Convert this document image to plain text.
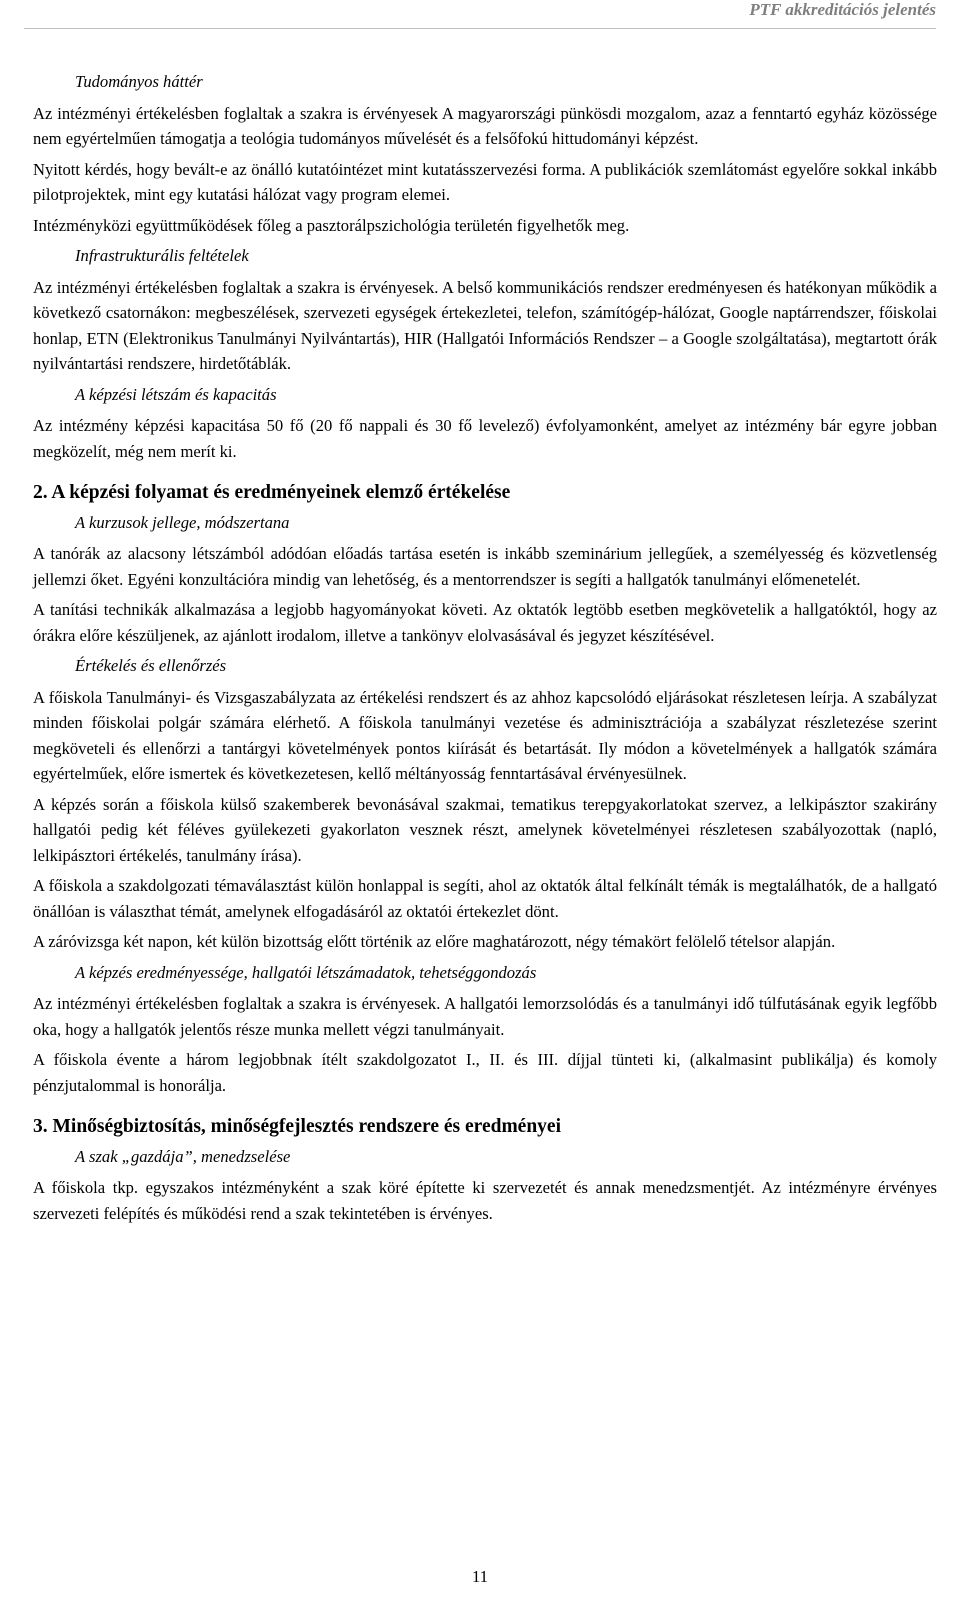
PTF akkreditációs jelentés
Tudományos háttér
Az intézményi értékelésben foglaltak a szakra is érvényesek A magyarországi pünkösdi mozgalom, azaz a fenntartó egyház közössége nem egyértelműen támogatja a teológia tudományos művelését és a felsőfokú hittudományi képzést.
Nyitott kérdés, hogy bevált-e az önálló kutatóintézet mint kutatásszervezési forma. A publikációk szemlátomást egyelőre sokkal inkább pilotprojektek, mint egy kutatási hálózat vagy program elemei.
Intézményközi együttműködések főleg a pasztorálpszichológia területén figyelhetők meg.
Infrastrukturális feltételek
Az intézményi értékelésben foglaltak a szakra is érvényesek. A belső kommunikációs rendszer eredményesen és hatékonyan működik a következő csatornákon: megbeszélések, szervezeti egységek értekezletei, telefon, számítógép-hálózat, Google naptárrendszer, főiskolai honlap, ETN (Elektronikus Tanulmányi Nyilvántartás), HIR (Hallgatói Információs Rendszer – a Google szolgáltatása), megtartott órák nyilvántartási rendszere, hirdetőtáblák.
A képzési létszám és kapacitás
Az intézmény képzési kapacitása 50 fő (20 fő nappali és 30 fő levelező) évfolyamonként, amelyet az intézmény bár egyre jobban megközelít, még nem merít ki.
2. A képzési folyamat és eredményeinek elemző értékelése
A kurzusok jellege, módszertana
A tanórák az alacsony létszámból adódóan előadás tartása esetén is inkább szeminárium jellegűek, a személyesség és közvetlenség jellemzi őket. Egyéni konzultációra mindig van lehetőség, és a mentorrendszer is segíti a hallgatók tanulmányi előmenetelét.
A tanítási technikák alkalmazása a legjobb hagyományokat követi. Az oktatók legtöbb esetben megkövetelik a hallgatóktól, hogy az órákra előre készüljenek, az ajánlott irodalom, illetve a tankönyv elolvasásával és jegyzet készítésével.
Értékelés és ellenőrzés
A főiskola Tanulmányi- és Vizsgaszabályzata az értékelési rendszert és az ahhoz kapcsolódó eljárásokat részletesen leírja. A szabályzat minden főiskolai polgár számára elérhető. A főiskola tanulmányi vezetése és adminisztrációja a szabályzat részletezése szerint megköveteli és ellenőrzi a tantárgyi követelmények pontos kiírását és betartását. Ily módon a követelmények a hallgatók számára egyértelműek, előre ismertek és következetesen, kellő méltányosság fenntartásával érvényesülnek.
A képzés során a főiskola külső szakemberek bevonásával szakmai, tematikus terepgyakorlatokat szervez, a lelkipásztor szakirány hallgatói pedig két féléves gyülekezeti gyakorlaton vesznek részt, amelynek követelményei részletesen szabályozottak (napló, lelkipásztori értékelés, tanulmány írása).
A főiskola a szakdolgozati témaválasztást külön honlappal is segíti, ahol az oktatók által felkínált témák is megtalálhatók, de a hallgató önállóan is választhat témát, amelynek elfogadásáról az oktatói értekezlet dönt.
A záróvizsga két napon, két külön bizottság előtt történik az előre maghatározott, négy témakört felölelő tételsor alapján.
A képzés eredményessége, hallgatói létszámadatok, tehetséggondozás
Az intézményi értékelésben foglaltak a szakra is érvényesek. A hallgatói lemorzsolódás és a tanulmányi idő túlfutásának egyik legfőbb oka, hogy a hallgatók jelentős része munka mellett végzi tanulmányait.
A főiskola évente a három legjobbnak ítélt szakdolgozatot I., II. és III. díjjal tünteti ki, (alkalmasint publikálja) és komoly pénzjutalommal is honorálja.
3. Minőségbiztosítás, minőségfejlesztés rendszere és eredményei
A szak „gazdája”, menedzselése
A főiskola tkp. egyszakos intézményként a szak köré építette ki szervezetét és annak menedzsmentjét. Az intézményre érvényes szervezeti felépítés és működési rend a szak tekintetében is érvényes.
11
